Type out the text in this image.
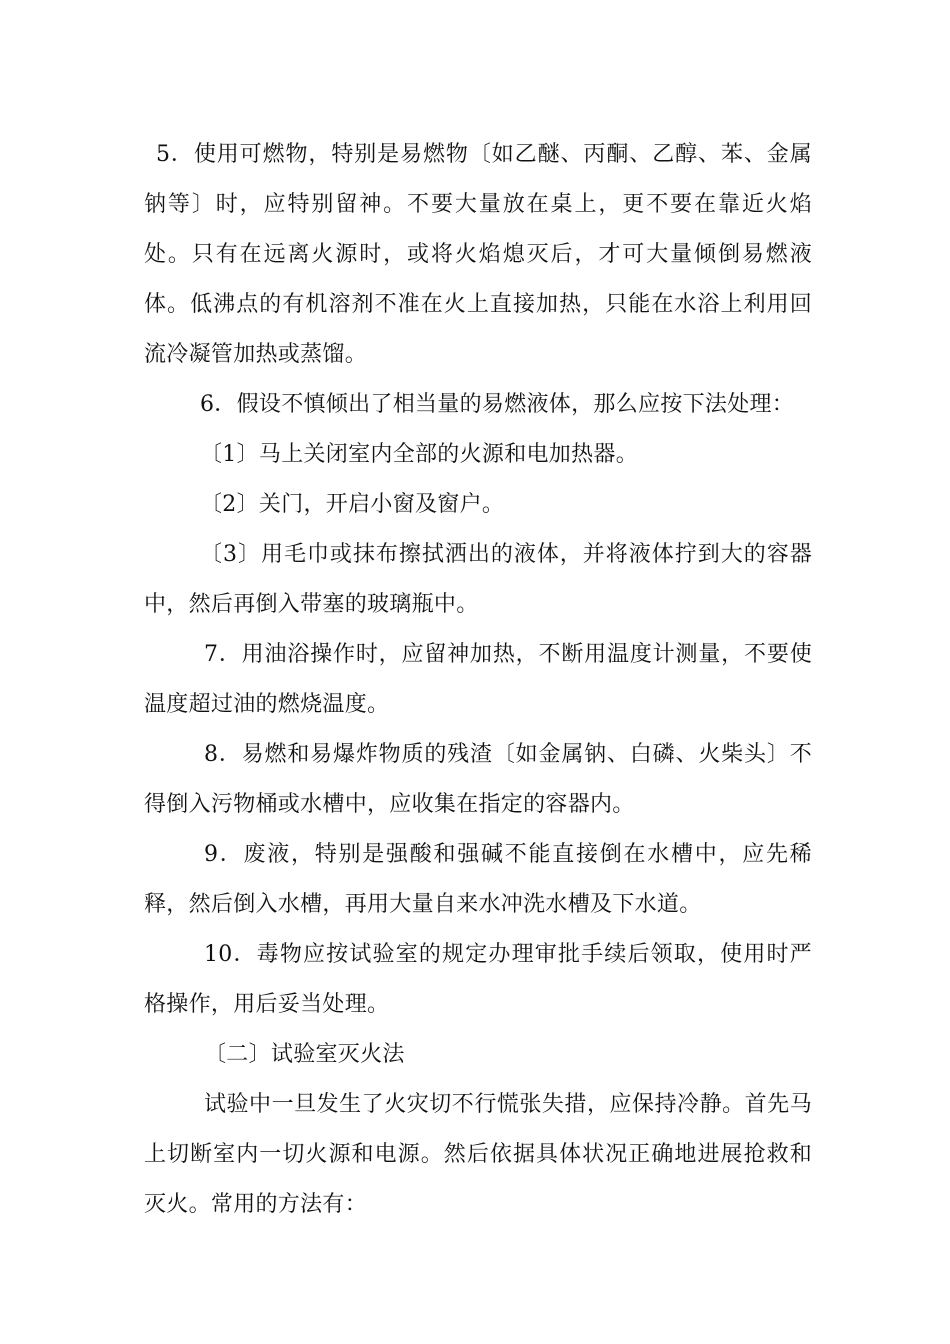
5．使用可燃物，特别是易燃物〔如乙醚、丙酮、乙醇、苯、金属钠等〕时，应特别留神。不要大量放在桌上，更不要在靠近火焰处。只有在远离火源时，或将火焰熄灭后，才可大量倾倒易燃液体。低沸点的有机溶剂不准在火上直接加热，只能在水浴上利用回流冷凝管加热或蒸馏。

6．假设不慎倾出了相当量的易燃液体，那么应按下法处理：

〔1〕马上关闭室内全部的火源和电加热器。

〔2〕关门，开启小窗及窗户。

〔3〕用毛巾或抹布擦拭洒出的液体，并将液体拧到大的容器中，然后再倒入带塞的玻璃瓶中。

7．用油浴操作时，应留神加热，不断用温度计测量，不要使温度超过油的燃烧温度。

8．易燃和易爆炸物质的残渣〔如金属钠、白磷、火柴头〕不得倒入污物桶或水槽中，应收集在指定的容器内。

9．废液，特别是强酸和强碱不能直接倒在水槽中，应先稀释，然后倒入水槽，再用大量自来水冲洗水槽及下水道。

10．毒物应按试验室的规定办理审批手续后领取，使用时严格操作，用后妥当处理。

〔二〕试验室灭火法

试验中一旦发生了火灾切不行慌张失措，应保持冷静。首先马上切断室内一切火源和电源。然后依据具体状况正确地进展抢救和灭火。常用的方法有：
